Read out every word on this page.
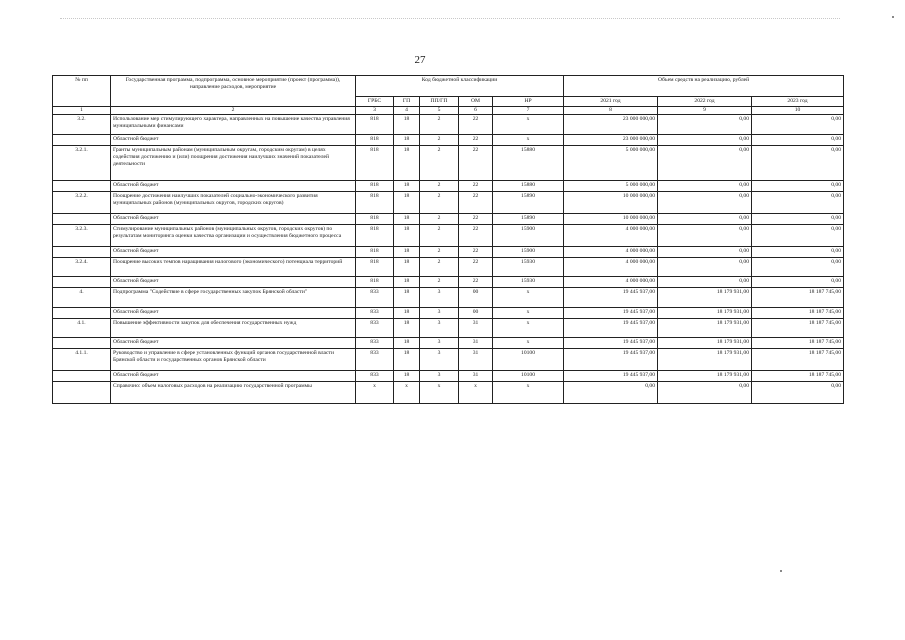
27
№ пп	Государственная программа, подпрограмма, основное мероприятие (проект (программа)), направление расходов, мероприятие	Код бюджетной классификации					Объем средств на реализацию, рублей		
		ГРБС	ГП	ПП/ГП	ОМ	НР	2021 год	2022 год	2023 год
1	2	3	4	5	6	7	8	9	10
3.2.	Использование мер стимулирующего характера, направленных на повышение качества управления муниципальными финансами	818	18	2	22	х	23 000 000,00	0,00	0,00
	Областной бюджет	818	18	2	22	х	23 000 000,00	0,00	0,00
3.2.1.	Гранты муниципальным районам (муниципальным округам, городским округам) в целях содействия достижению и (или) поощрения достижения наилучших значений показателей деятельности	818	18	2	22	15880	5 000 000,00	0,00	0,00
	Областной бюджет	818	18	2	22	15880	5 000 000,00	0,00	0,00
3.2.2.	Поощрение достижения наилучших показателей социально-экономического развития муниципальных районов (муниципальных округов, городских округов)	818	18	2	22	15890	10 000 000,00	0,00	0,00
	Областной бюджет	818	18	2	22	15890	10 000 000,00	0,00	0,00
3.2.3.	Стимулирование муниципальных районов (муниципальных округов, городских округов) по результатам мониторинга оценки качества организации и осуществления бюджетного процесса	818	18	2	22	15900	4 000 000,00	0,00	0,00
	Областной бюджет	818	18	2	22	15900	4 000 000,00	0,00	0,00
3.2.4.	Поощрение высоких темпов наращивания налогового (экономического) потенциала территорий	818	18	2	22	15930	4 000 000,00	0,00	0,00
	Областной бюджет	818	18	2	22	15930	4 000 000,00	0,00	0,00
4.	Подпрограмма "Содействие в сфере государственных закупок Брянской области"	833	18	3	00	х	19 445 937,00	18 179 931,00	18 187 745,00
	Областной бюджет	833	18	3	00	х	19 445 937,00	18 179 931,00	18 187 745,00
4.1.	Повышение эффективности закупок для обеспечения государственных нужд	833	18	3	31	х	19 445 937,00	18 179 931,00	18 187 745,00
	Областной бюджет	833	18	3	31	х	19 445 937,00	18 179 931,00	18 187 745,00
4.1.1.	Руководство и управление в сфере установленных функций органов государственной власти Брянской области и государственных органов Брянской области	833	18	3	31	10100	19 445 937,00	18 179 931,00	18 187 745,00
	Областной бюджет	833	18	3	31	10100	19 445 937,00	18 179 931,00	18 187 745,00
	Справочно: объем налоговых расходов на реализацию государственной программы	х	х	х	х	х	0,00	0,00	0,00
